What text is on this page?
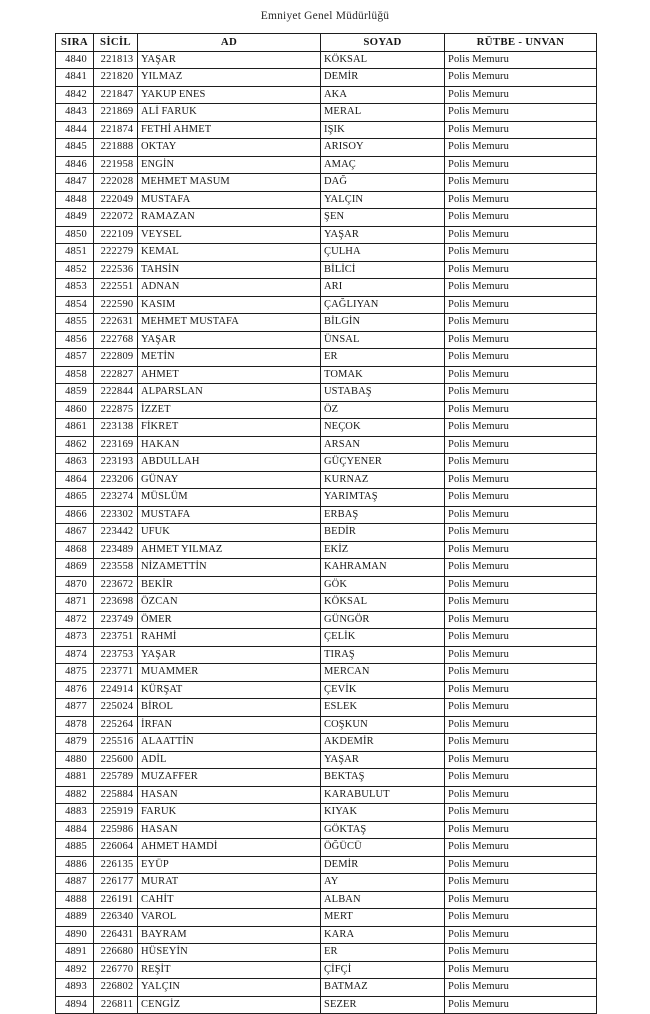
Emniyet Genel Müdürlüğü
SIRA	SİCİL	AD	SOYAD	RÜTBE - UNVAN
4840	221813	YAŞAR	KÖKSAL	Polis Memuru
4841	221820	YILMAZ	DEMİR	Polis Memuru
4842	221847	YAKUP ENES	AKA	Polis Memuru
4843	221869	ALİ FARUK	MERAL	Polis Memuru
4844	221874	FETHİ AHMET	IŞIK	Polis Memuru
4845	221888	OKTAY	ARISOY	Polis Memuru
4846	221958	ENGİN	AMAÇ	Polis Memuru
4847	222028	MEHMET MASUM	DAĞ	Polis Memuru
4848	222049	MUSTAFA	YALÇIN	Polis Memuru
4849	222072	RAMAZAN	ŞEN	Polis Memuru
4850	222109	VEYSEL	YAŞAR	Polis Memuru
4851	222279	KEMAL	ÇULHA	Polis Memuru
4852	222536	TAHSİN	BİLİCİ	Polis Memuru
4853	222551	ADNAN	ARI	Polis Memuru
4854	222590	KASIM	ÇAĞLIYAN	Polis Memuru
4855	222631	MEHMET MUSTAFA	BİLGİN	Polis Memuru
4856	222768	YAŞAR	ÜNSAL	Polis Memuru
4857	222809	METİN	ER	Polis Memuru
4858	222827	AHMET	TOMAK	Polis Memuru
4859	222844	ALPARSLAN	USTABAŞ	Polis Memuru
4860	222875	İZZET	ÖZ	Polis Memuru
4861	223138	FİKRET	NEÇOK	Polis Memuru
4862	223169	HAKAN	ARSAN	Polis Memuru
4863	223193	ABDULLAH	GÜÇYENER	Polis Memuru
4864	223206	GÜNAY	KURNAZ	Polis Memuru
4865	223274	MÜSLÜM	YARIMTAŞ	Polis Memuru
4866	223302	MUSTAFA	ERBAŞ	Polis Memuru
4867	223442	UFUK	BEDİR	Polis Memuru
4868	223489	AHMET YILMAZ	EKİZ	Polis Memuru
4869	223558	NİZAMETTİN	KAHRAMAN	Polis Memuru
4870	223672	BEKİR	GÖK	Polis Memuru
4871	223698	ÖZCAN	KÖKSAL	Polis Memuru
4872	223749	ÖMER	GÜNGÖR	Polis Memuru
4873	223751	RAHMİ	ÇELİK	Polis Memuru
4874	223753	YAŞAR	TIRAŞ	Polis Memuru
4875	223771	MUAMMER	MERCAN	Polis Memuru
4876	224914	KÜRŞAT	ÇEVİK	Polis Memuru
4877	225024	BİROL	ESLEK	Polis Memuru
4878	225264	İRFAN	COŞKUN	Polis Memuru
4879	225516	ALAATTİN	AKDEMİR	Polis Memuru
4880	225600	ADİL	YAŞAR	Polis Memuru
4881	225789	MUZAFFER	BEKTAŞ	Polis Memuru
4882	225884	HASAN	KARABULUT	Polis Memuru
4883	225919	FARUK	KIYAK	Polis Memuru
4884	225986	HASAN	GÖKTAŞ	Polis Memuru
4885	226064	AHMET HAMDİ	ÖĞÜCÜ	Polis Memuru
4886	226135	EYÜP	DEMİR	Polis Memuru
4887	226177	MURAT	AY	Polis Memuru
4888	226191	CAHİT	ALBAN	Polis Memuru
4889	226340	VAROL	MERT	Polis Memuru
4890	226431	BAYRAM	KARA	Polis Memuru
4891	226680	HÜSEYİN	ER	Polis Memuru
4892	226770	REŞİT	ÇİFÇİ	Polis Memuru
4893	226802	YALÇIN	BATMAZ	Polis Memuru
4894	226811	CENGİZ	SEZER	Polis Memuru
